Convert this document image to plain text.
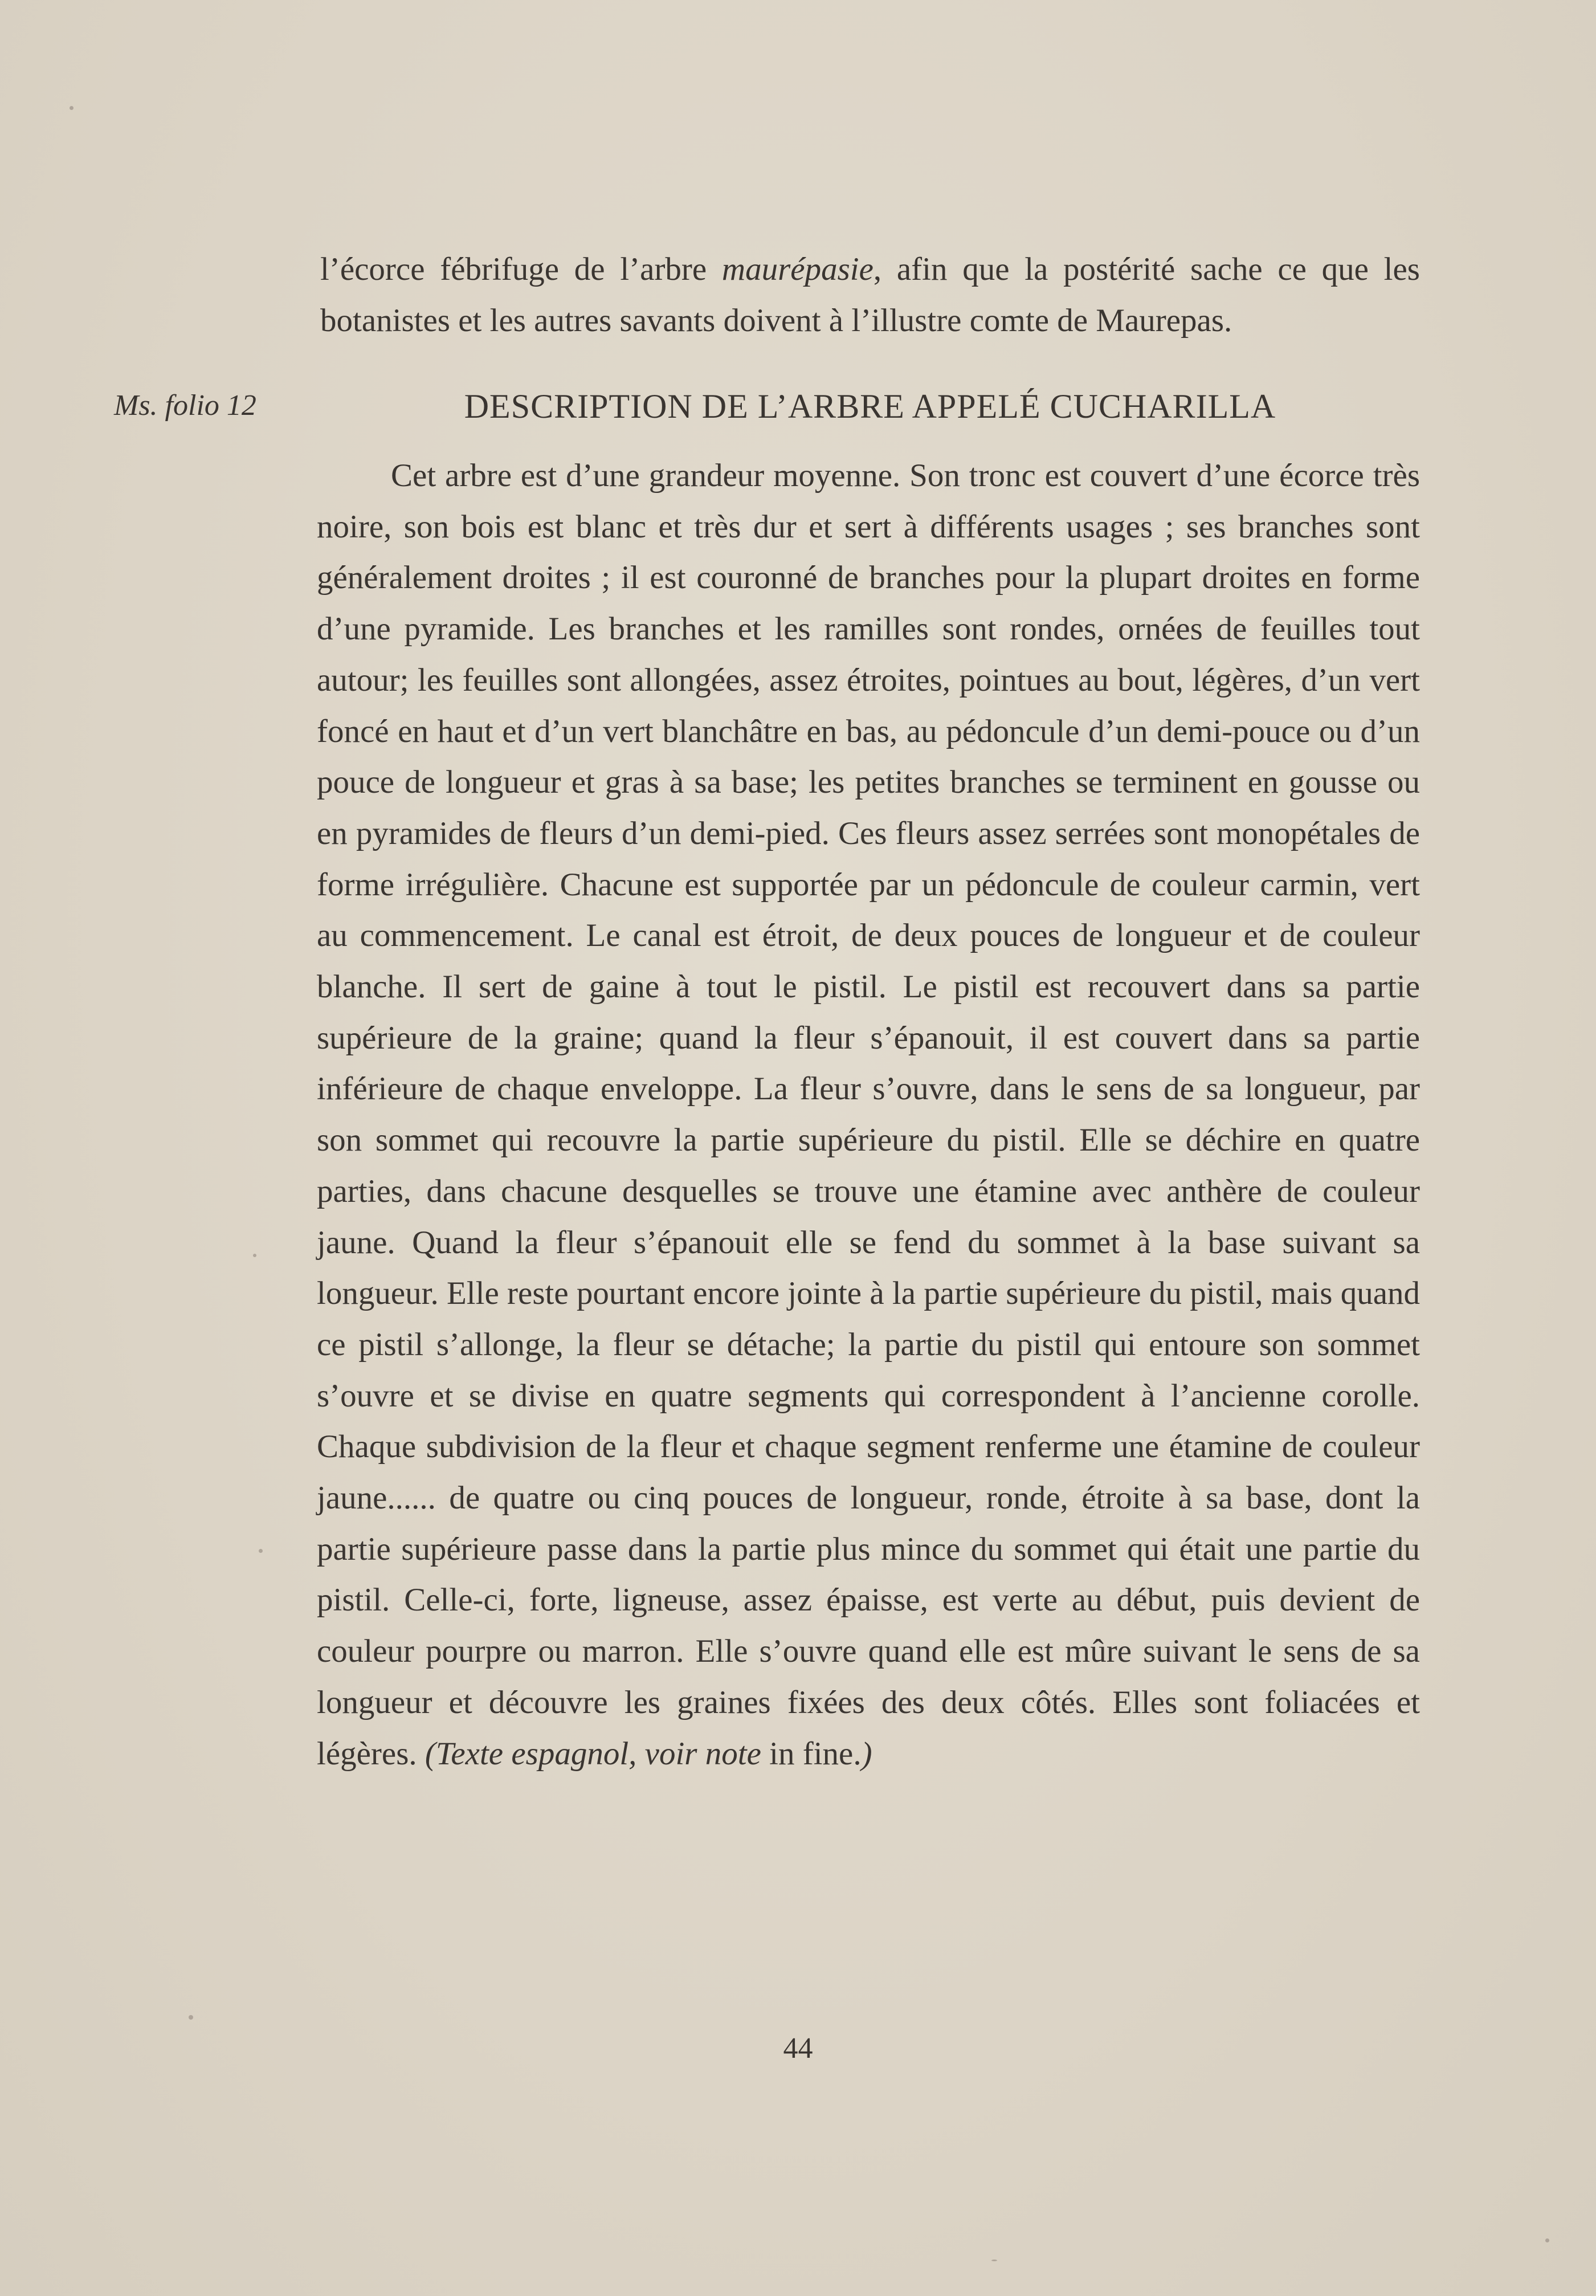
l’écorce fébrifuge de l’arbre maurépasie, afin que la postérité sache ce que les botanistes et les autres savants doivent à l’illustre comte de Maurepas.

Ms. folio 12	DESCRIPTION DE L’ARBRE APPELÉ CUCHARILLA

Cet arbre est d’une grandeur moyenne. Son tronc est couvert d’une écorce très noire, son bois est blanc et très dur et sert à différents usages ; ses branches sont généralement droites ; il est couronné de branches pour la plupart droites en forme d’une pyramide. Les branches et les ramilles sont rondes, ornées de feuilles tout autour; les feuilles sont allongées, assez étroites, pointues au bout, légères, d’un vert foncé en haut et d’un vert blanchâtre en bas, au pédoncule d’un demi-pouce ou d’un pouce de longueur et gras à sa base; les petites branches se terminent en gousse ou en pyramides de fleurs d’un demi-pied. Ces fleurs assez serrées sont monopétales de forme irrégulière. Chacune est supportée par un pédoncule de couleur carmin, vert au commencement. Le canal est étroit, de deux pouces de longueur et de couleur blanche. Il sert de gaine à tout le pistil. Le pistil est recouvert dans sa partie supérieure de la graine; quand la fleur s’épanouit, il est couvert dans sa partie inférieure de chaque enveloppe. La fleur s’ouvre, dans le sens de sa longueur, par son sommet qui recouvre la partie supérieure du pistil. Elle se déchire en quatre parties, dans chacune desquelles se trouve une étamine avec anthère de couleur jaune. Quand la fleur s’épanouit elle se fend du sommet à la base suivant sa longueur. Elle reste pourtant encore jointe à la partie supérieure du pistil, mais quand ce pistil s’allonge, la fleur se détache; la partie du pistil qui entoure son sommet s’ouvre et se divise en quatre segments qui correspondent à l’ancienne corolle. Chaque subdivision de la fleur et chaque segment renferme une étamine de couleur jaune...... de quatre ou cinq pouces de longueur, ronde, étroite à sa base, dont la partie supérieure passe dans la partie plus mince du sommet qui était une partie du pistil. Celle-ci, forte, ligneuse, assez épaisse, est verte au début, puis devient de couleur pourpre ou marron. Elle s’ouvre quand elle est mûre suivant le sens de sa longueur et découvre les graines fixées des deux côtés. Elles sont foliacées et légères. (Texte espagnol, voir note in fine.)

44
